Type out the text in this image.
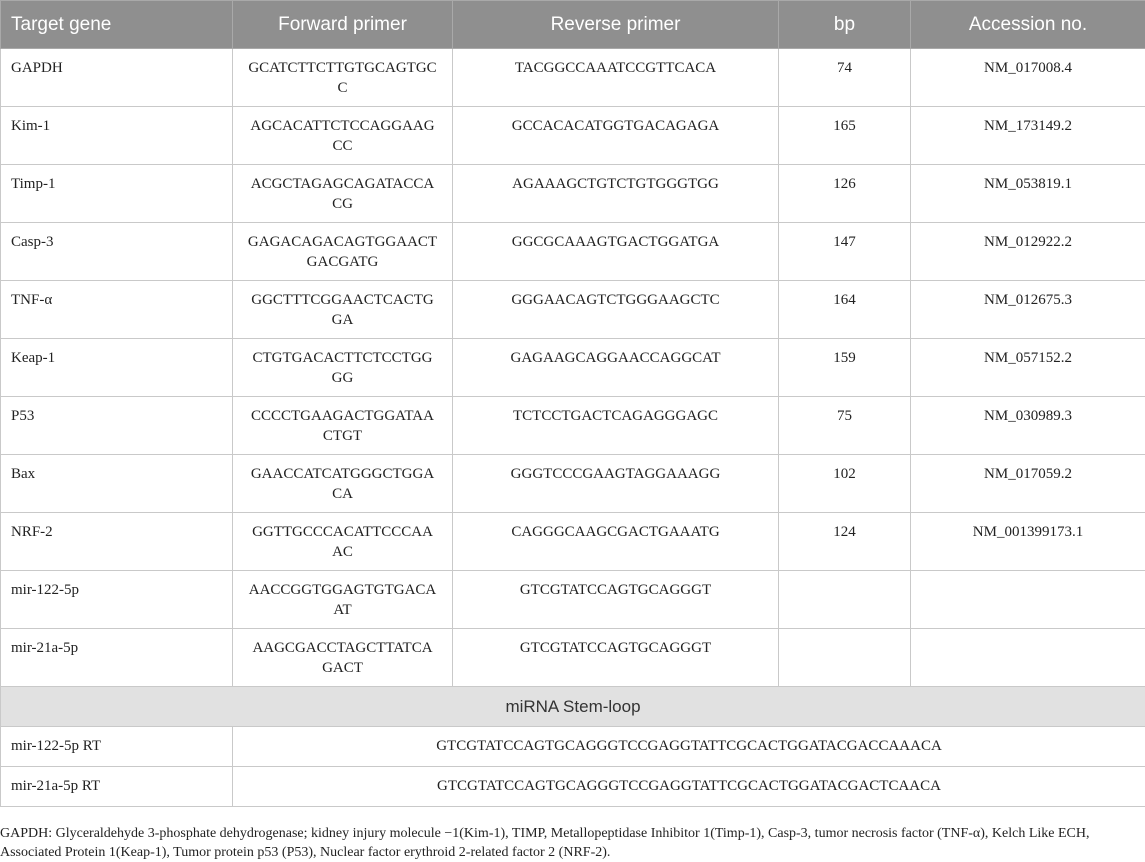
Target gene	Forward primer	Reverse primer	bp	Accession no.
GAPDH	GCATCTTCTTGTGCAGTGCC	TACGGCCAAATCCGTTCACA	74	NM_017008.4
Kim-1	AGCACATTCTCCAGGAAGCC	GCCACACATGGTGACAGAGA	165	NM_173149.2
Timp-1	ACGCTAGAGCAGATACCACG	AGAAAGCTGTCTGTGGGTGG	126	NM_053819.1
Casp-3	GAGACAGACAGTGGAACTGACGATG	GGCGCAAAGTGACTGGATGA	147	NM_012922.2
TNF-α	GGCTTTCGGAACTCACTGGA	GGGAACAGTCTGGGAAGCTC	164	NM_012675.3
Keap-1	CTGTGACACTTCTCCTGGGG	GAGAAGCAGGAACCAGGCAT	159	NM_057152.2
P53	CCCCTGAAGACTGGATAACTGT	TCTCCTGACTCAGAGGGAGC	75	NM_030989.3
Bax	GAACCATCATGGGCTGGACA	GGGTCCCGAAGTAGGAAAGG	102	NM_017059.2
NRF-2	GGTTGCCCACATTCCCAAAC	CAGGGCAAGCGACTGAAATG	124	NM_001399173.1
mir-122-5p	AACCGGTGGAGTGTGACAAT	GTCGTATCCAGTGCAGGGT		
mir-21a-5p	AAGCGACCTAGCTTATCAGACT	GTCGTATCCAGTGCAGGGT		
miRNA Stem-loop				
mir-122-5p RT	GTCGTATCCAGTGCAGGGTCCGAGGTATTCGCACTGGATACGACCAAACA			
mir-21a-5p RT	GTCGTATCCAGTGCAGGGTCCGAGGTATTCGCACTGGATACGACTCAACA			
GAPDH: Glyceraldehyde 3-phosphate dehydrogenase; kidney injury molecule −1(Kim-1), TIMP, Metallopeptidase Inhibitor 1(Timp-1), Casp-3, tumor necrosis factor (TNF-α), Kelch Like ECH, Associated Protein 1(Keap-1), Tumor protein p53 (P53), Nuclear factor erythroid 2-related factor 2 (NRF-2).
